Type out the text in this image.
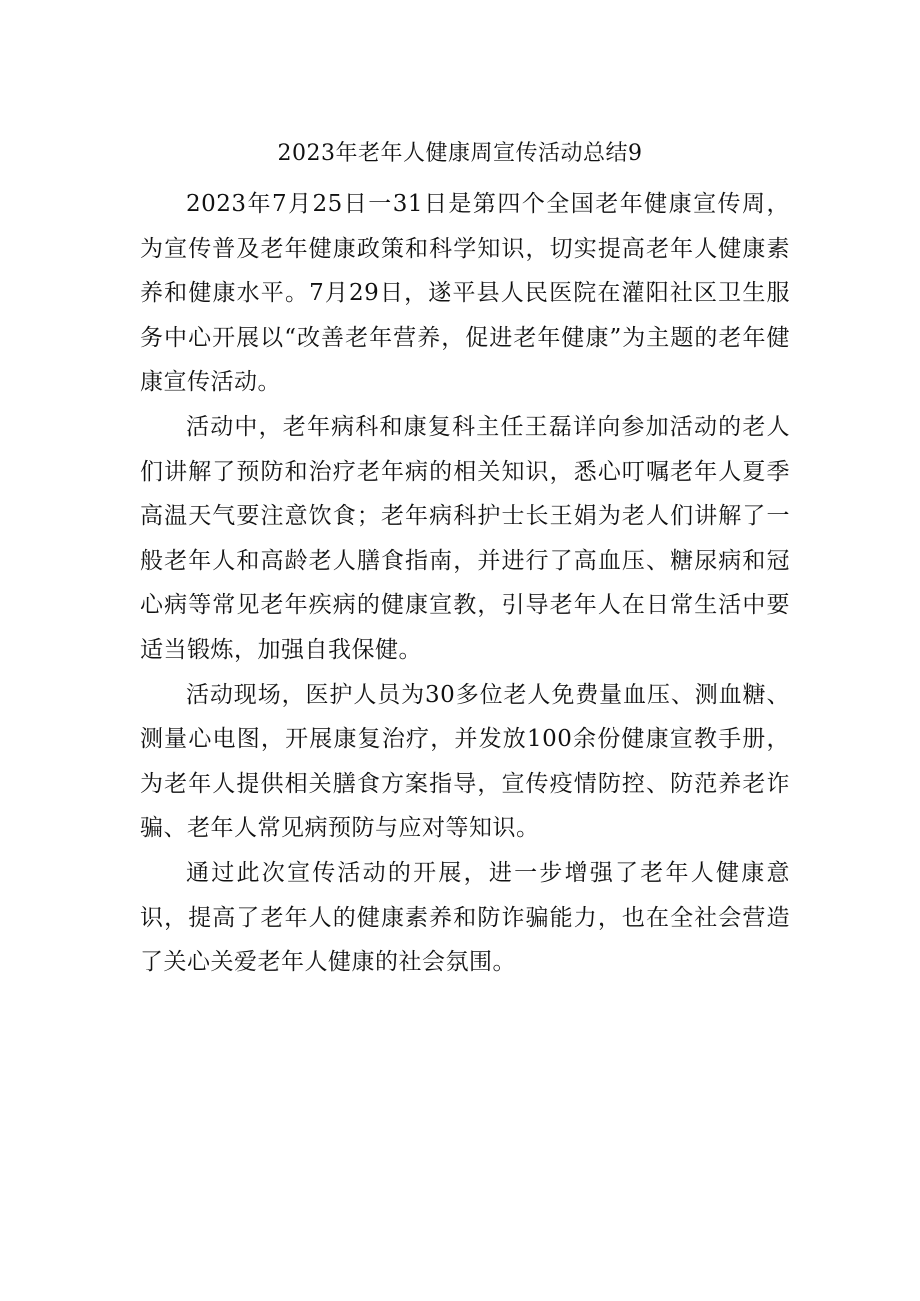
2023年老年人健康周宣传活动总结9

2023年7月25日一31日是第四个全国老年健康宣传周，为宣传普及老年健康政策和科学知识，切实提高老年人健康素养和健康水平。7月29日，遂平县人民医院在灌阳社区卫生服务中心开展以“改善老年营养，促进老年健康”为主题的老年健康宣传活动。

活动中，老年病科和康复科主任王磊详向参加活动的老人们讲解了预防和治疗老年病的相关知识，悉心叮嘱老年人夏季高温天气要注意饮食；老年病科护士长王娟为老人们讲解了一般老年人和高龄老人膳食指南，并进行了高血压、糖尿病和冠心病等常见老年疾病的健康宣教，引导老年人在日常生活中要适当锻炼，加强自我保健。

活动现场，医护人员为30多位老人免费量血压、测血糖、测量心电图，开展康复治疗，并发放100余份健康宣教手册，为老年人提供相关膳食方案指导，宣传疫情防控、防范养老诈骗、老年人常见病预防与应对等知识。

通过此次宣传活动的开展，进一步增强了老年人健康意识，提高了老年人的健康素养和防诈骗能力，也在全社会营造了关心关爱老年人健康的社会氛围。
